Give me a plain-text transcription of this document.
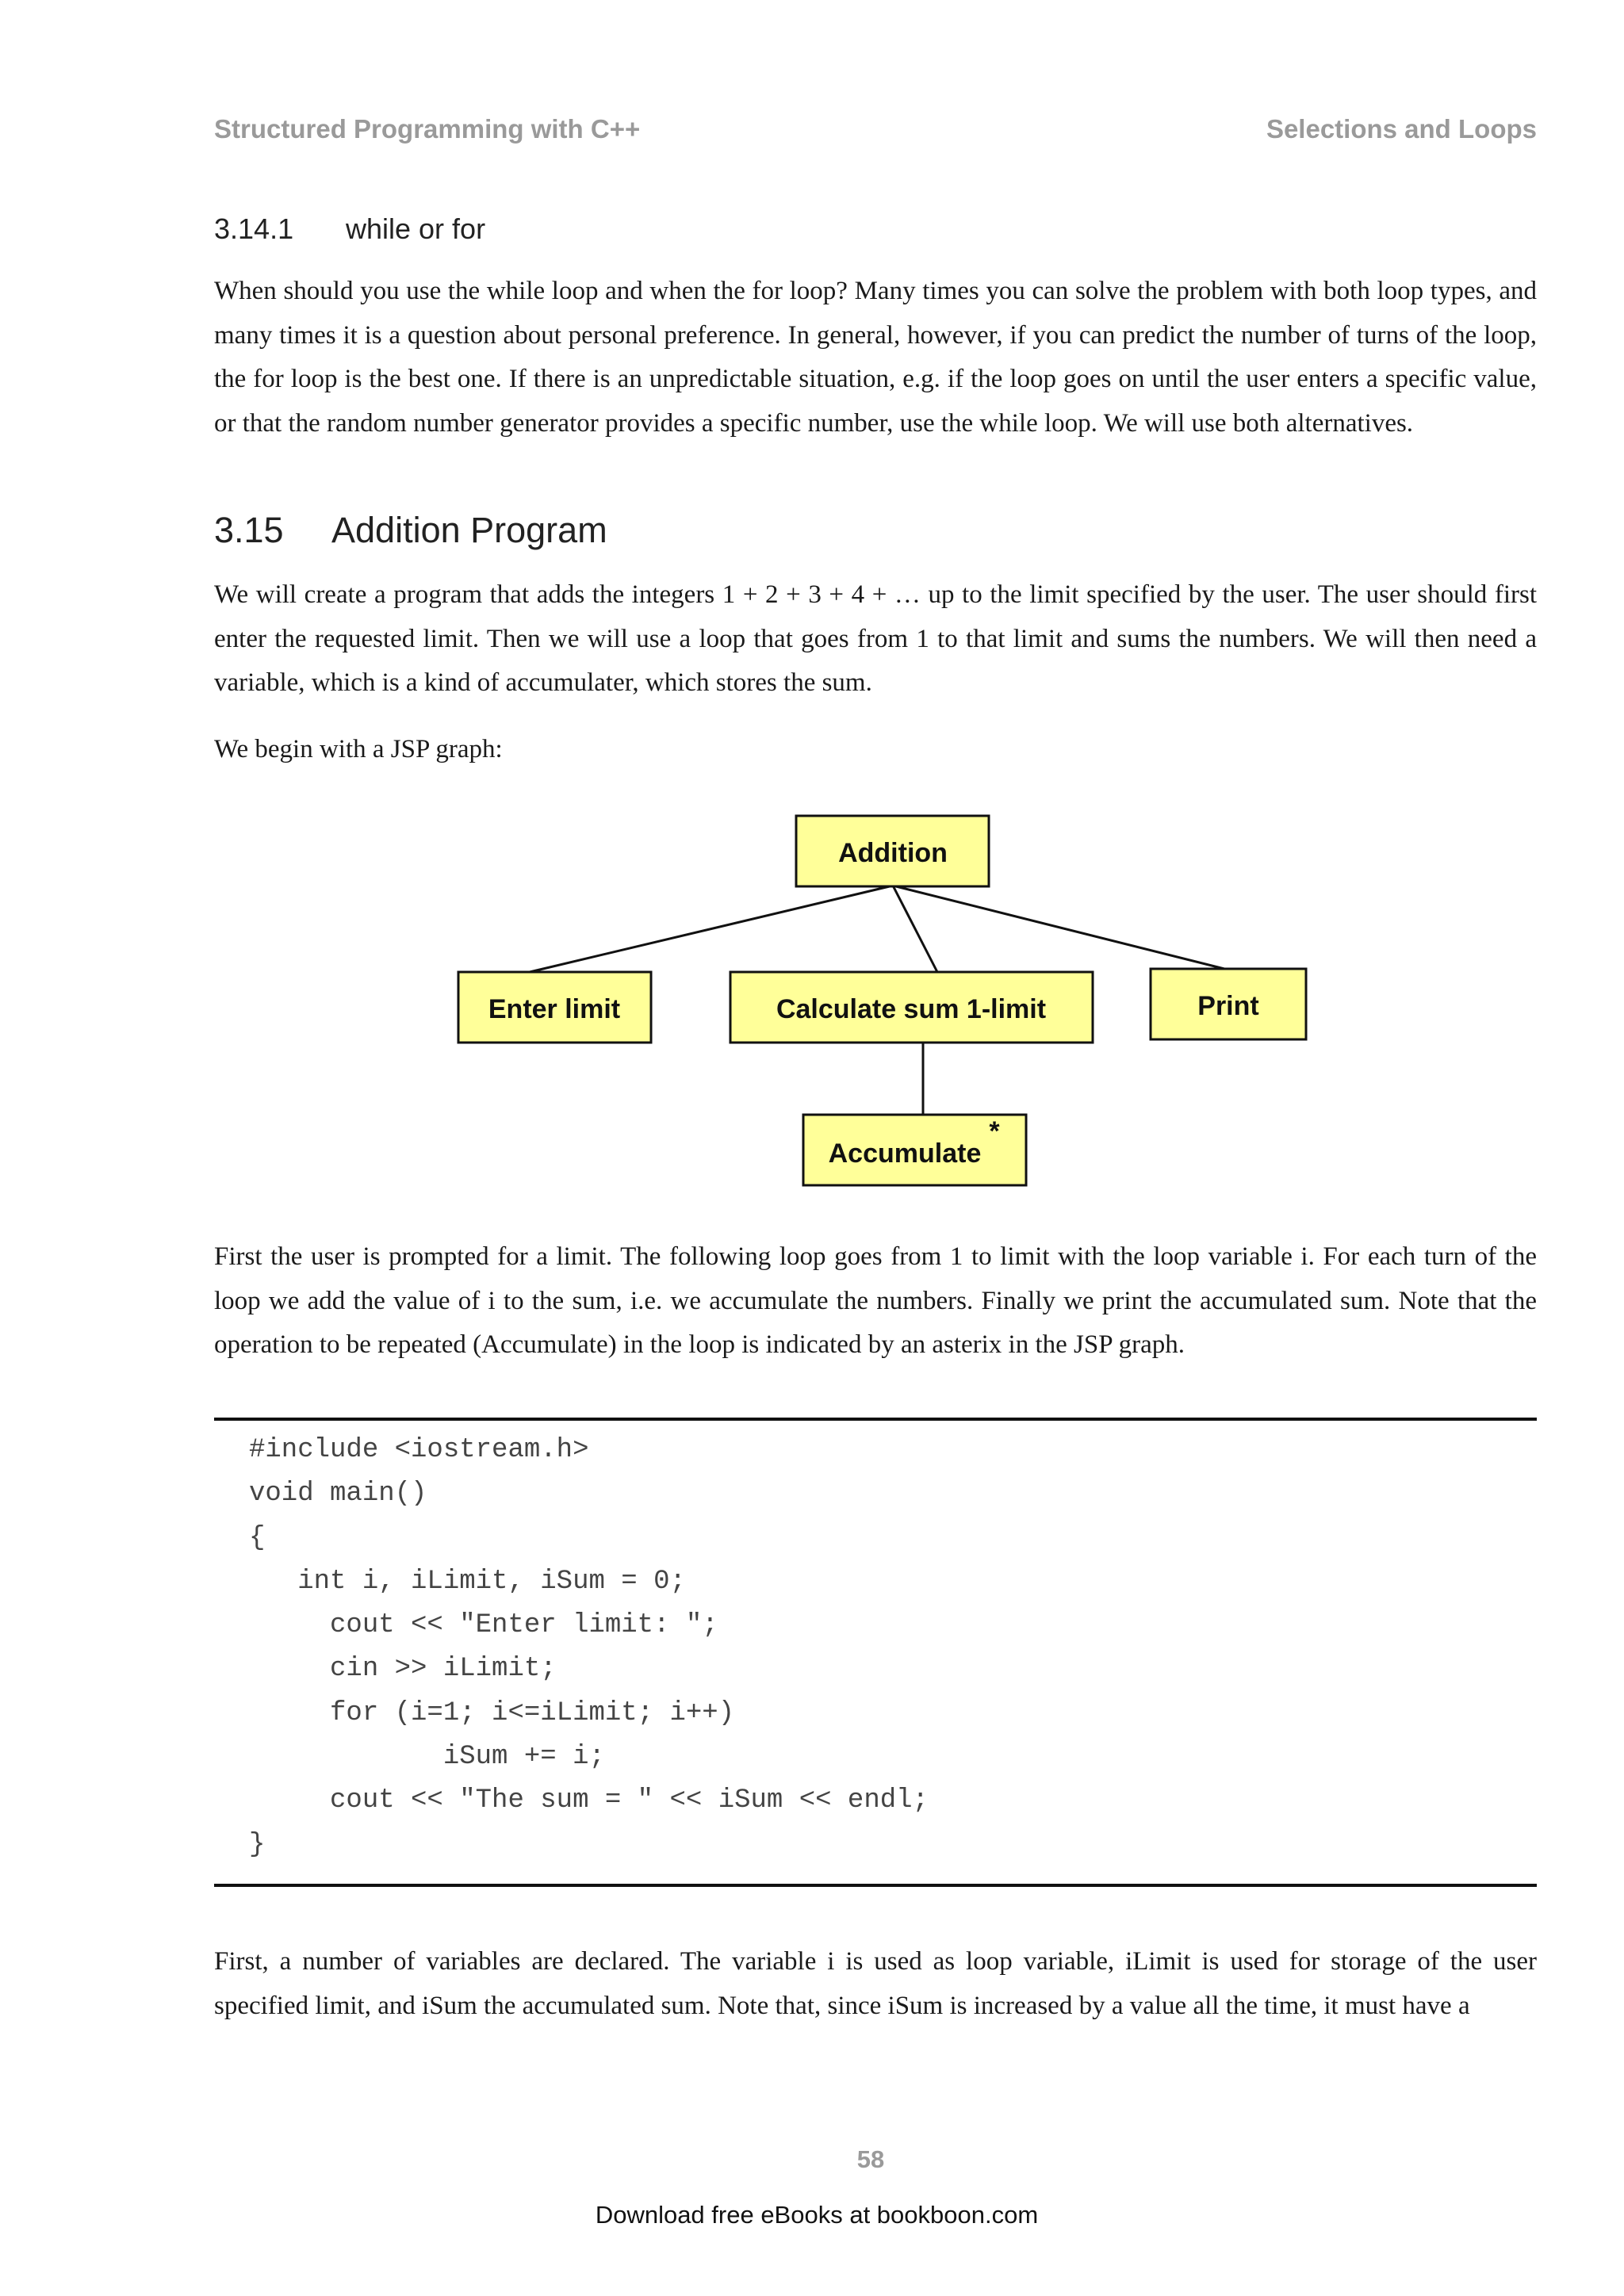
Structured Programming with C++	Selections and Loops
3.14.1 while or for

When should you use the while loop and when the for loop? Many times you can solve the problem with both loop types, and many times it is a question about personal preference. In general, however, if you can predict the number of turns of the loop, the for loop is the best one. If there is an unpredictable situation, e.g. if the loop goes on until the user enters a specific value, or that the random number generator provides a specific number, use the while loop. We will use both alternatives.

3.15 Addition Program

We will create a program that adds the integers 1 + 2 + 3 + 4 + … up to the limit specified by the user. The user should first enter the requested limit. Then we will use a loop that goes from 1 to that limit and sums the numbers. We will then need a variable, which is a kind of accumulater, which stores the sum.

We begin with a JSP graph:

Addition
Enter limit	Calculate sum 1-limit	Print
Accumulate
*

First the user is prompted for a limit. The following loop goes from 1 to limit with the loop variable i. For each turn of the loop we add the value of i to the sum, i.e. we accumulate the numbers. Finally we print the accumulated sum. Note that the operation to be repeated (Accumulate) in the loop is indicated by an asterix in the JSP graph.

#include <iostream.h>
void main()
{
int i, iLimit, iSum = 0;
cout << "Enter limit: ";
cin >> iLimit;
for (i=1; i<=iLimit; i++)
iSum += i;
cout << "The sum = " << iSum << endl;
}

First, a number of variables are declared. The variable i is used as loop variable, iLimit is used for storage of the user specified limit, and iSum the accumulated sum. Note that, since iSum is increased by a value all the time, it must have a

58
Download free eBooks at bookboon.com
